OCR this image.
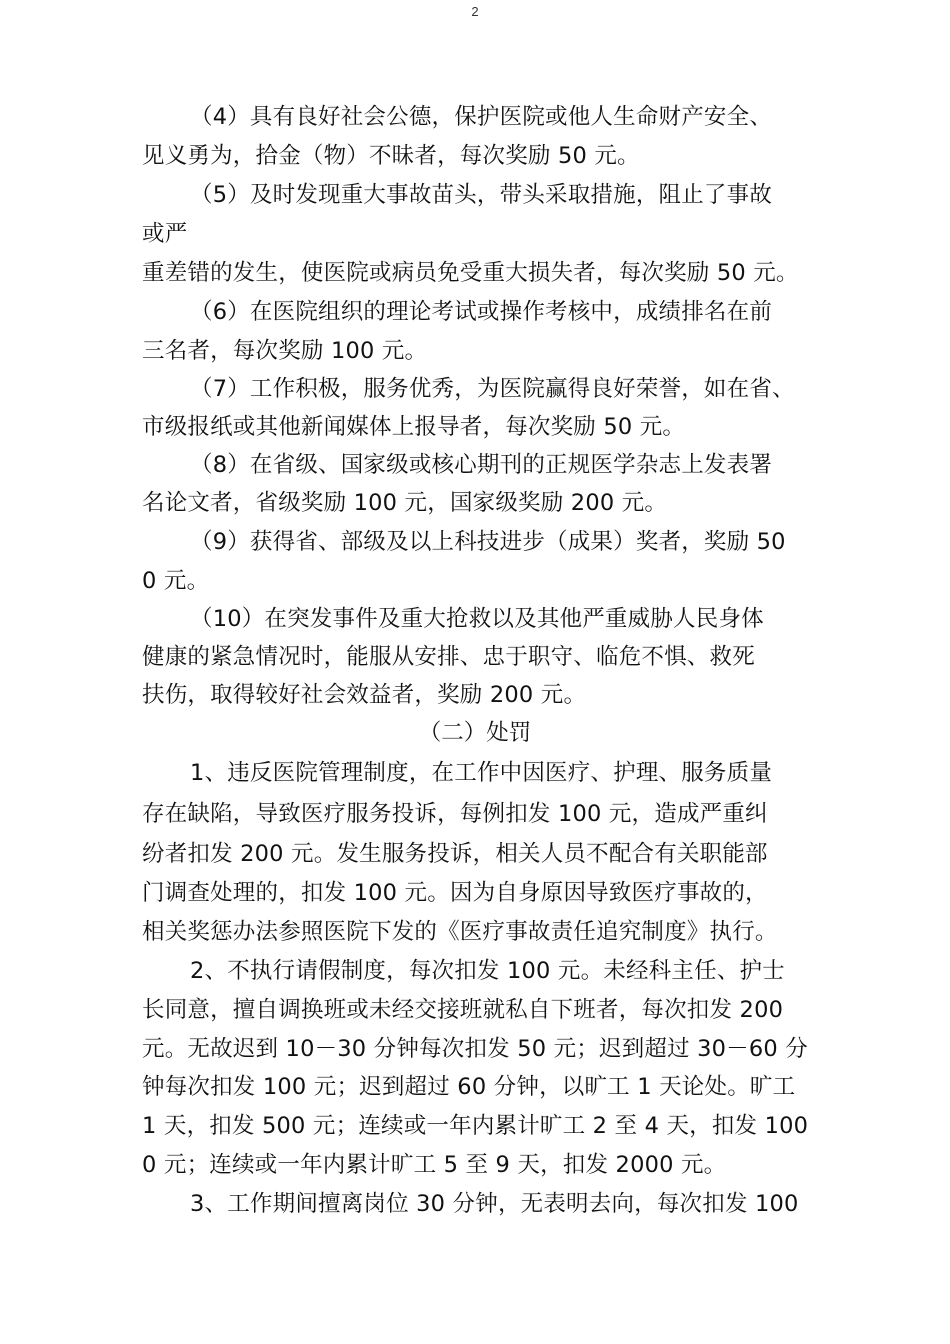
2
（4）具有良好社会公德，保护医院或他人生命财产安全、
见义勇为，拾金（物）不昧者，每次奖励 50 元。
（5）及时发现重大事故苗头，带头采取措施，阻止了事故
或严
重差错的发生，使医院或病员免受重大损失者，每次奖励 50 元。
（6）在医院组织的理论考试或操作考核中，成绩排名在前
三名者，每次奖励 100 元。
（7）工作积极，服务优秀，为医院赢得良好荣誉，如在省、
市级报纸或其他新闻媒体上报导者，每次奖励 50 元。
（8）在省级、国家级或核心期刊的正规医学杂志上发表署
名论文者，省级奖励 100 元，国家级奖励 200 元。
（9）获得省、部级及以上科技进步（成果）奖者，奖励 50
0 元。
（10）在突发事件及重大抢救以及其他严重威胁人民身体
健康的紧急情况时，能服从安排、忠于职守、临危不惧、救死
扶伤，取得较好社会效益者，奖励 200 元。
（二）处罚
1、违反医院管理制度，在工作中因医疗、护理、服务质量
存在缺陷，导致医疗服务投诉，每例扣发 100 元，造成严重纠
纷者扣发 200 元。发生服务投诉，相关人员不配合有关职能部
门调查处理的，扣发 100 元。因为自身原因导致医疗事故的，
相关奖惩办法参照医院下发的《医疗事故责任追究制度》执行。
2、不执行请假制度，每次扣发 100 元。未经科主任、护士
长同意，擅自调换班或未经交接班就私自下班者，每次扣发 200
元。无故迟到 10－30 分钟每次扣发 50 元；迟到超过 30－60 分
钟每次扣发 100 元；迟到超过 60 分钟，以旷工 1 天论处。旷工
1 天，扣发 500 元；连续或一年内累计旷工 2 至 4 天，扣发 100
0 元；连续或一年内累计旷工 5 至 9 天，扣发 2000 元。
3、工作期间擅离岗位 30 分钟，无表明去向，每次扣发 100
